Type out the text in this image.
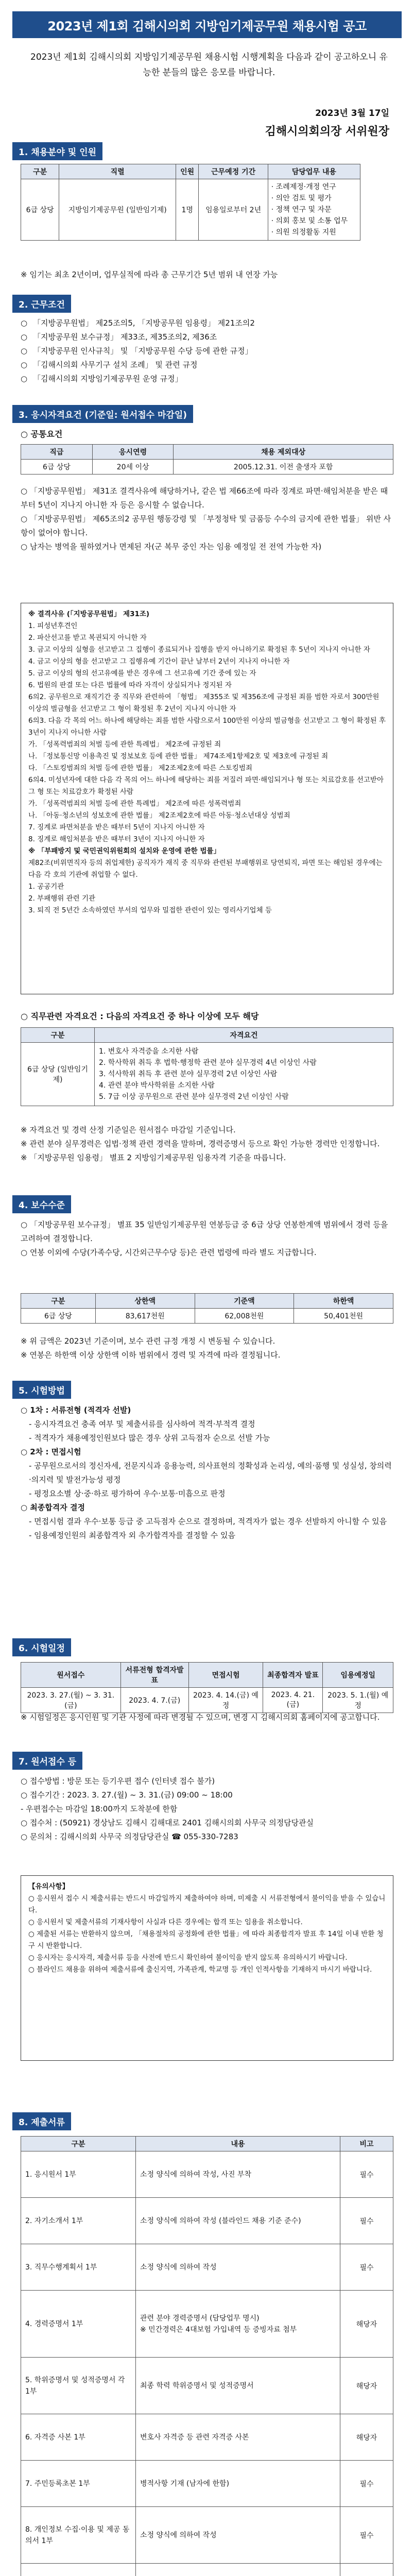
2023년 제1회 김해시의회 지방임기제공무원 채용시험 공고
2023년 제1회 김해시의회 지방임기제공무원 채용시험 시행계획을 다음과 같이 공고하오니 유능한 분들의 많은 응모를 바랍니다.
2023년 3월 17일
김해시의회의장 서위원장
1. 채용분야 및 인원
구분	직렬	인원	근무예정 기간	담당업무 내용
6급 상당	지방임기제공무원 (일반임기제)	1명	임용일로부터 2년	· 조례제정·개정 연구
· 의안 검토 및 평가
· 정책 연구 및 자문
· 의회 홍보 및 소통 업무
· 의원 의정활동 지원
※ 임기는 최초 2년이며, 업무실적에 따라 총 근무기간 5년 범위 내 연장 가능
2. 근무조건
○ 「지방공무원법」 제25조의5, 「지방공무원 임용령」 제21조의2
○ 「지방공무원 보수규정」 제33조, 제35조의2, 제36조
○ 「지방공무원 인사규칙」 및 「지방공무원 수당 등에 관한 규정」
○ 「김해시의회 사무기구 설치 조례」 및 관련 규정
○ 「김해시의회 지방임기제공무원 운영 규정」
3. 응시자격요건 (기준일: 원서접수 마감일)
○ 공통요건
직급	응시연령	채용 제외대상
6급 상당	20세 이상	2005.12.31. 이전 출생자 포함
○ 「지방공무원법」 제31조 결격사유에 해당하거나, 같은 법 제66조에 따라 징계로 파면·해임처분을 받은 때부터 5년이 지나지 아니한 자 등은 응시할 수 없습니다.
○ 「지방공무원법」 제65조의2 공무원 행동강령 및 「부정청탁 및 금품등 수수의 금지에 관한 법률」 위반 사항이 없어야 합니다.
○ 남자는 병역을 필하였거나 면제된 자(군 복무 중인 자는 임용 예정일 전 전역 가능한 자)
※ 결격사유 (「지방공무원법」 제31조)
1. 피성년후견인
2. 파산선고를 받고 복권되지 아니한 자
3. 금고 이상의 실형을 선고받고 그 집행이 종료되거나 집행을 받지 아니하기로 확정된 후 5년이 지나지 아니한 자
4. 금고 이상의 형을 선고받고 그 집행유예 기간이 끝난 날부터 2년이 지나지 아니한 자
5. 금고 이상의 형의 선고유예를 받은 경우에 그 선고유예 기간 중에 있는 자
6. 법원의 판결 또는 다른 법률에 따라 자격이 상실되거나 정지된 자
6의2. 공무원으로 재직기간 중 직무와 관련하여 「형법」 제355조 및 제356조에 규정된 죄를 범한 자로서 300만원 이상의 벌금형을 선고받고 그 형이 확정된 후 2년이 지나지 아니한 자
6의3. 다음 각 목의 어느 하나에 해당하는 죄를 범한 사람으로서 100만원 이상의 벌금형을 선고받고 그 형이 확정된 후 3년이 지나지 아니한 사람
가. 「성폭력범죄의 처벌 등에 관한 특례법」 제2조에 규정된 죄
나. 「정보통신망 이용촉진 및 정보보호 등에 관한 법률」 제74조제1항제2호 및 제3호에 규정된 죄
다. 「스토킹범죄의 처벌 등에 관한 법률」 제2조제2호에 따른 스토킹범죄
6의4. 미성년자에 대한 다음 각 목의 어느 하나에 해당하는 죄를 저질러 파면·해임되거나 형 또는 치료감호를 선고받아 그 형 또는 치료감호가 확정된 사람
가. 「성폭력범죄의 처벌 등에 관한 특례법」 제2조에 따른 성폭력범죄
나. 「아동·청소년의 성보호에 관한 법률」 제2조제2호에 따른 아동·청소년대상 성범죄
7. 징계로 파면처분을 받은 때부터 5년이 지나지 아니한 자
8. 징계로 해임처분을 받은 때부터 3년이 지나지 아니한 자
※ 「부패방지 및 국민권익위원회의 설치와 운영에 관한 법률」
제82조(비위면직자 등의 취업제한) 공직자가 재직 중 직무와 관련된 부패행위로 당연퇴직, 파면 또는 해임된 경우에는 다음 각 호의 기관에 취업할 수 없다.
1. 공공기관
2. 부패행위 관련 기관
3. 퇴직 전 5년간 소속하였던 부서의 업무와 밀접한 관련이 있는 영리사기업체 등
○ 직무관련 자격요건 : 다음의 자격요건 중 하나 이상에 모두 해당
구분	자격요건
6급 상당 (일반임기제)	1. 변호사 자격증을 소지한 사람
2. 학사학위 취득 후 법학·행정학 관련 분야 실무경력 4년 이상인 사람
3. 석사학위 취득 후 관련 분야 실무경력 2년 이상인 사람
4. 관련 분야 박사학위를 소지한 사람
5. 7급 이상 공무원으로 관련 분야 실무경력 2년 이상인 사람
※ 자격요건 및 경력 산정 기준일은 원서접수 마감일 기준입니다.
※ 관련 분야 실무경력은 입법·정책 관련 경력을 말하며, 경력증명서 등으로 확인 가능한 경력만 인정합니다.
※ 「지방공무원 임용령」 별표 2 지방임기제공무원 임용자격 기준을 따릅니다.
4. 보수수준
○ 「지방공무원 보수규정」 별표 35 일반임기제공무원 연봉등급 중 6급 상당 연봉한계액 범위에서 경력 등을 고려하여 결정합니다.
○ 연봉 이외에 수당(가족수당, 시간외근무수당 등)은 관련 법령에 따라 별도 지급합니다.
구분	상한액	기준액	하한액
6급 상당	83,617천원	62,008천원	50,401천원
※ 위 금액은 2023년 기준이며, 보수 관련 규정 개정 시 변동될 수 있습니다.
※ 연봉은 하한액 이상 상한액 이하 범위에서 경력 및 자격에 따라 결정됩니다.
5. 시험방법
○ 1차 : 서류전형 (적격자 선발)
- 응시자격요건 충족 여부 및 제출서류를 심사하여 적격·부적격 결정
- 적격자가 채용예정인원보다 많은 경우 상위 고득점자 순으로 선발 가능
○ 2차 : 면접시험
- 공무원으로서의 정신자세, 전문지식과 응용능력, 의사표현의 정확성과 논리성, 예의·품행 및 성실성, 창의력·의지력 및 발전가능성 평정
- 평정요소별 상·중·하로 평가하여 우수·보통·미흡으로 판정
○ 최종합격자 결정
- 면접시험 결과 우수·보통 등급 중 고득점자 순으로 결정하며, 적격자가 없는 경우 선발하지 아니할 수 있음
- 임용예정인원의 최종합격자 외 추가합격자를 결정할 수 있음
6. 시험일정
원서접수	서류전형 합격자발표	면접시험	최종합격자 발표	임용예정일
2023. 3. 27.(월) ~ 3. 31.(금)	2023. 4. 7.(금)	2023. 4. 14.(금) 예정	2023. 4. 21.(금)	2023. 5. 1.(월) 예정
※ 시험일정은 응시인원 및 기관 사정에 따라 변경될 수 있으며, 변경 시 김해시의회 홈페이지에 공고합니다.
7. 원서접수 등
○ 접수방법 : 방문 또는 등기우편 접수 (인터넷 접수 불가)
○ 접수기간 : 2023. 3. 27.(월) ~ 3. 31.(금) 09:00 ~ 18:00
- 우편접수는 마감일 18:00까지 도착분에 한함
○ 접수처 : (50921) 경상남도 김해시 김해대로 2401 김해시의회 사무국 의정담당관실
○ 문의처 : 김해시의회 사무국 의정담당관실 ☎ 055-330-7283
【유의사항】
○ 응시원서 접수 시 제출서류는 반드시 마감일까지 제출하여야 하며, 미제출 시 서류전형에서 불이익을 받을 수 있습니다.
○ 응시원서 및 제출서류의 기재사항이 사실과 다른 경우에는 합격 또는 임용을 취소합니다.
○ 제출된 서류는 반환하지 않으며, 「채용절차의 공정화에 관한 법률」에 따라 최종합격자 발표 후 14일 이내 반환 청구 시 반환합니다.
○ 응시자는 응시자격, 제출서류 등을 사전에 반드시 확인하여 불이익을 받지 않도록 유의하시기 바랍니다.
○ 블라인드 채용을 위하여 제출서류에 출신지역, 가족관계, 학교명 등 개인 인적사항을 기재하지 마시기 바랍니다.
8. 제출서류
구분	내용	비고
1. 응시원서 1부	소정 양식에 의하여 작성, 사진 부착	필수
2. 자기소개서 1부	소정 양식에 의하여 작성 (블라인드 채용 기준 준수)	필수
3. 직무수행계획서 1부	소정 양식에 의하여 작성	필수
4. 경력증명서 1부	관련 분야 경력증명서 (담당업무 명시)
※ 민간경력은 4대보험 가입내역 등 증빙자료 첨부	해당자
5. 학위증명서 및 성적증명서 각 1부	최종 학력 학위증명서 및 성적증명서	해당자
6. 자격증 사본 1부	변호사 자격증 등 관련 자격증 사본	해당자
7. 주민등록초본 1부	병적사항 기재 (남자에 한함)	필수
8. 개인정보 수집·이용 및 제공 동의서 1부	소정 양식에 의하여 작성	필수
